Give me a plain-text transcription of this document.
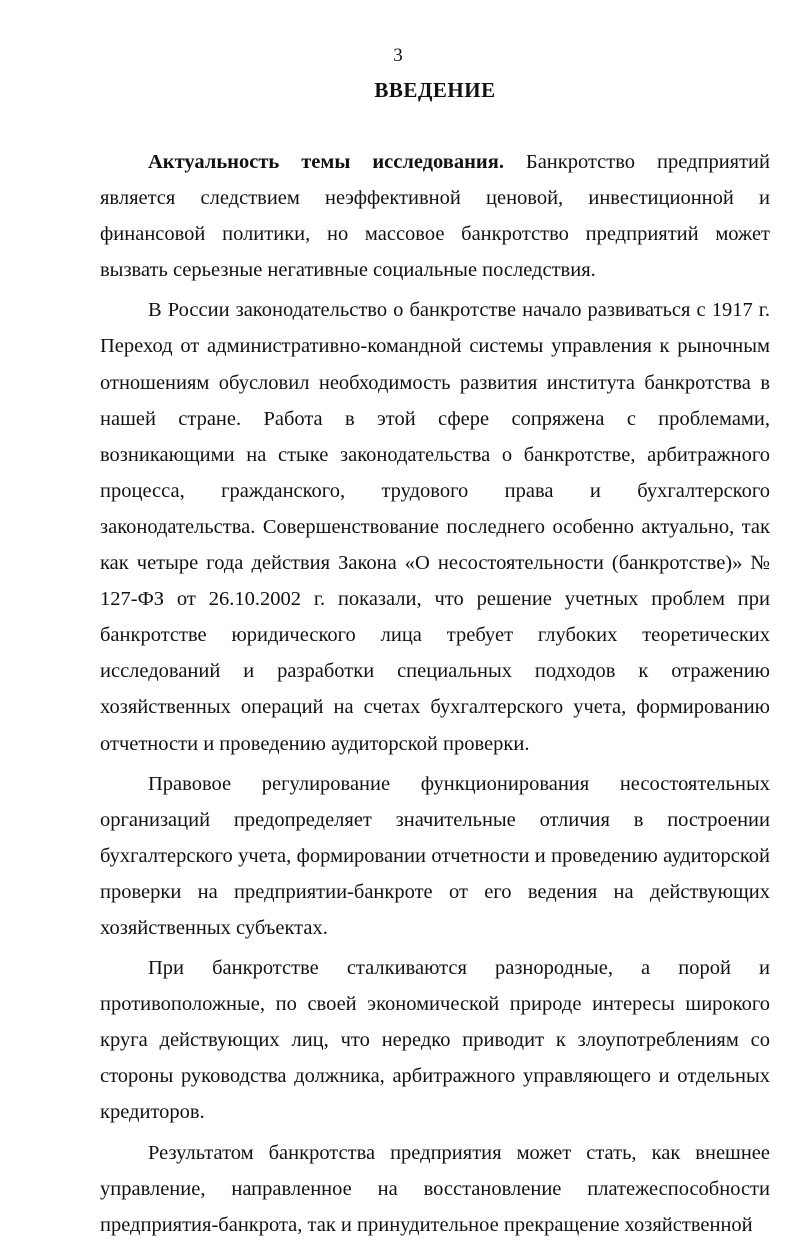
3
ВВЕДЕНИЕ

Актуальность темы исследования. Банкротство предприятий является следствием неэффективной ценовой, инвестиционной и финансовой политики, но массовое банкротство предприятий может вызвать серьезные негативные социальные последствия.

В России законодательство о банкротстве начало развиваться с 1917 г. Переход от административно-командной системы управления к рыночным отношениям обусловил необходимость развития института банкротства в нашей стране. Работа в этой сфере сопряжена с проблемами, возникающими на стыке законодательства о банкротстве, арбитражного процесса, гражданского, трудового права и бухгалтерского законодательства. Совершенствование последнего особенно актуально, так как четыре года действия Закона «О несостоятельности (банкротстве)» № 127-ФЗ от 26.10.2002 г. показали, что решение учетных проблем при банкротстве юридического лица требует глубоких теоретических исследований и разработки специальных подходов к отражению хозяйственных операций на счетах бухгалтерского учета, формированию отчетности и проведению аудиторской проверки.

Правовое регулирование функционирования несостоятельных организаций предопределяет значительные отличия в построении бухгалтерского учета, формировании отчетности и проведению аудиторской проверки на предприятии-банкроте от его ведения на действующих хозяйственных субъектах.

При банкротстве сталкиваются разнородные, а порой и противоположные, по своей экономической природе интересы широкого круга действующих лиц, что нередко приводит к злоупотреблениям со стороны руководства должника, арбитражного управляющего и отдельных кредиторов.

Результатом банкротства предприятия может стать, как внешнее управление, направленное на восстановление платежеспособности предприятия-банкрота, так и принудительное прекращение хозяйственной
